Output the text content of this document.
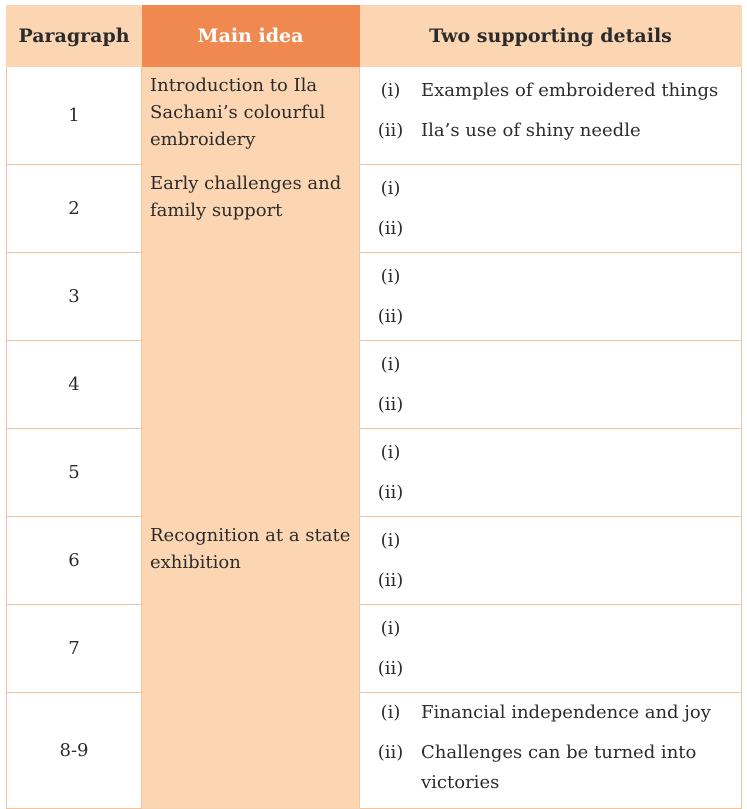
Paragraph	Main idea	Two supporting details
1	Introduction to Ila Sachani’s colourful embroidery	(i) Examples of embroidered things
(ii) Ila’s use of shiny needle

2	Early challenges and family support	(i)
(ii)

3		(i)
(ii)

4		(i)
(ii)

5		(i)
(ii)

6	Recognition at a state exhibition	(i)
(ii)

7		(i)
(ii)

8-9		(i) Financial independence and joy
(ii) Challenges can be turned into victories
